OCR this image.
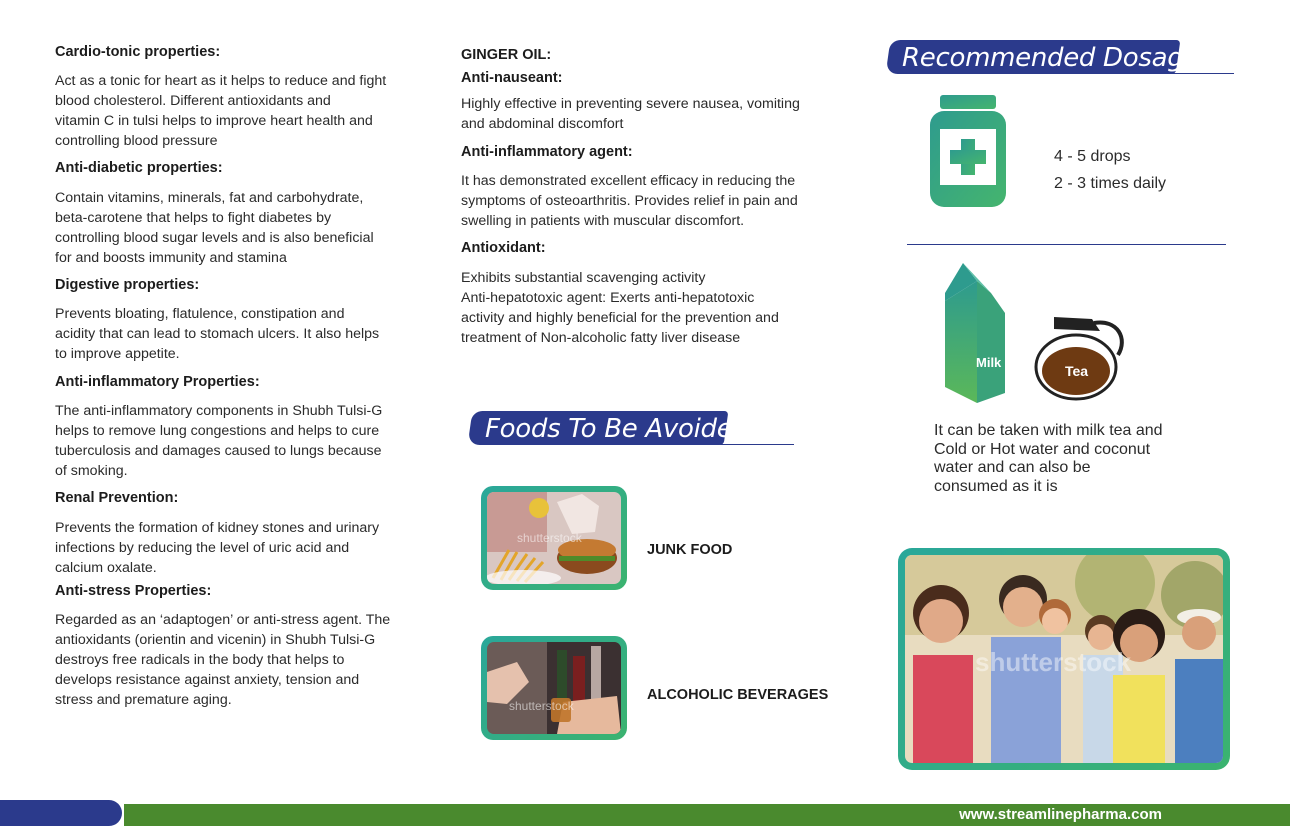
Cardio-tonic properties:
Act as a tonic for heart as it helps to reduce and fight
blood cholesterol. Different antioxidants and
vitamin C in tulsi helps to improve heart health and
controlling blood pressure
Anti-diabetic properties:
Contain vitamins, minerals, fat and carbohydrate,
beta-carotene that helps to fight diabetes by
controlling blood sugar levels and is also beneficial
for and boosts immunity and stamina
Digestive properties:
Prevents bloating, flatulence, constipation and
acidity that can lead to stomach ulcers. It also helps
to improve appetite.
Anti-inflammatory Properties:
The anti-inflammatory components in Shubh Tulsi-G
helps to remove lung congestions and helps to cure
tuberculosis and damages caused to lungs because
of smoking.
Renal Prevention:
Prevents the formation of kidney stones and urinary
infections by reducing the level of uric acid and
calcium oxalate.
Anti-stress Properties:
Regarded as an ‘adaptogen’ or anti-stress agent. The
antioxidants (orientin and vicenin) in Shubh Tulsi-G
destroys free radicals in the body that helps to
develops resistance against anxiety, tension and
stress and premature aging.
GINGER OIL:
Anti-nauseant:
Highly effective in preventing severe nausea, vomiting
and abdominal discomfort
Anti-inflammatory agent:
It has demonstrated excellent efficacy in reducing the
symptoms of osteoarthritis. Provides relief in pain and
swelling in patients with muscular discomfort.
Antioxidant:
Exhibits substantial scavenging activity
Anti-hepatotoxic agent: Exerts anti-hepatotoxic
activity and highly beneficial for the prevention and
treatment of Non-alcoholic fatty liver disease
Foods To Be Avoided:
shutterstock
JUNK FOOD
shutterstock
ALCOHOLIC BEVERAGES
Recommended Dosage:
4 - 5 drops
2 - 3 times daily
Milk
Tea
It can be taken with milk tea and
Cold or Hot water and coconut
water and can also be
consumed as it is
shutterstock
www.streamlinepharma.com
